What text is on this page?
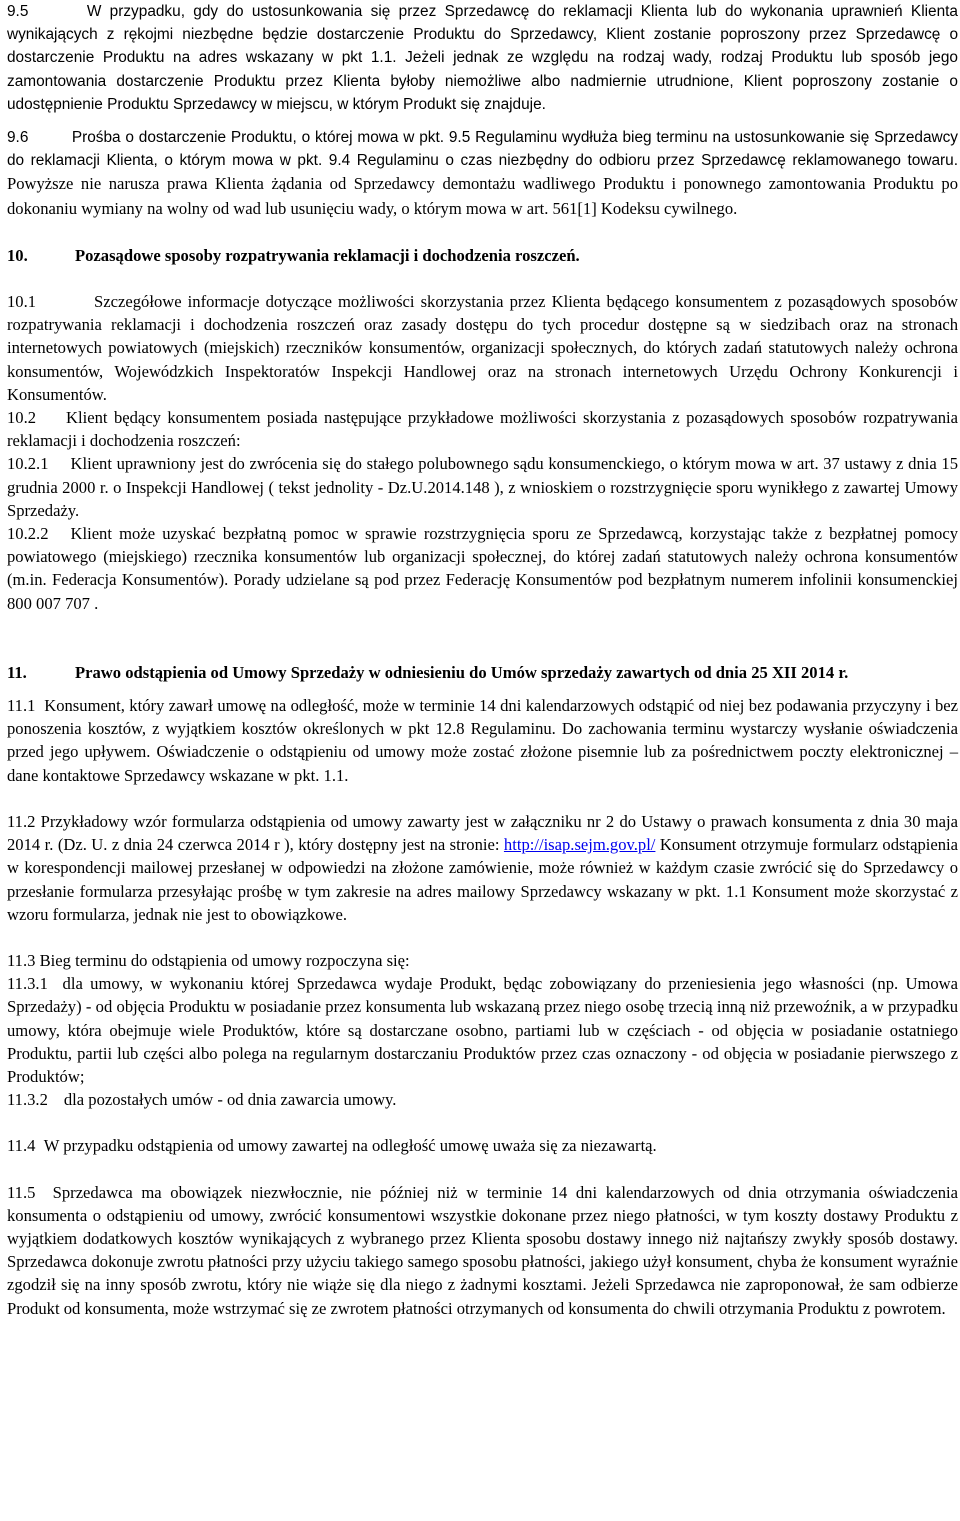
9.5	W przypadku, gdy do ustosunkowania się przez Sprzedawcę do reklamacji Klienta lub do wykonania uprawnień Klienta wynikających z rękojmi niezbędne będzie dostarczenie Produktu do Sprzedawcy, Klient zostanie poproszony przez Sprzedawcę o dostarczenie Produktu na adres wskazany w pkt 1.1. Jeżeli jednak ze względu na rodzaj wady, rodzaj Produktu lub sposób jego zamontowania dostarczenie Produktu przez Klienta byłoby niemożliwe albo nadmiernie utrudnione, Klient poproszony zostanie o udostępnienie Produktu Sprzedawcy w miejscu, w którym Produkt się znajduje.

9.6	Prośba o dostarczenie Produktu, o której mowa w pkt. 9.5 Regulaminu wydłuża bieg terminu na ustosunkowanie się Sprzedawcy do reklamacji Klienta, o którym mowa w pkt. 9.4 Regulaminu o czas niezbędny do odbioru przez Sprzedawcę reklamowanego towaru. Powyższe nie narusza prawa Klienta żądania od Sprzedawcy demontażu wadliwego Produktu i ponownego zamontowania Produktu po dokonaniu wymiany na wolny od wad lub usunięciu wady, o którym mowa w art. 561[1] Kodeksu cywilnego.

10.	Pozasądowe sposoby rozpatrywania reklamacji i dochodzenia roszczeń.

10.1	Szczegółowe informacje dotyczące możliwości skorzystania przez Klienta będącego konsumentem z pozasądowych sposobów rozpatrywania reklamacji i dochodzenia roszczeń oraz zasady dostępu do tych procedur dostępne są w siedzibach oraz na stronach internetowych powiatowych (miejskich) rzeczników konsumentów, organizacji społecznych, do których zadań statutowych należy ochrona konsumentów, Wojewódzkich Inspektoratów Inspekcji Handlowej oraz na stronach internetowych Urzędu Ochrony Konkurencji i Konsumentów.

10.2 Klient będący konsumentem posiada następujące przykładowe możliwości skorzystania z pozasądowych sposobów rozpatrywania reklamacji i dochodzenia roszczeń:

10.2.1 Klient uprawniony jest do zwrócenia się do stałego polubownego sądu konsumenckiego, o którym mowa w art. 37 ustawy z dnia 15 grudnia 2000 r. o Inspekcji Handlowej ( tekst jednolity - Dz.U.2014.148 ), z wnioskiem o rozstrzygnięcie sporu wynikłego z zawartej Umowy Sprzedaży.

10.2.2 Klient może uzyskać bezpłatną pomoc w sprawie rozstrzygnięcia sporu ze Sprzedawcą, korzystając także z bezpłatnej pomocy powiatowego (miejskiego) rzecznika konsumentów lub organizacji społecznej, do której zadań statutowych należy ochrona konsumentów (m.in. Federacja Konsumentów). Porady udzielane są pod przez Federację Konsumentów pod bezpłatnym numerem infolinii konsumenckiej 800 007 707 .

11.	Prawo odstąpienia od Umowy Sprzedaży w odniesieniu do Umów sprzedaży zawartych od dnia 25 XII 2014 r.

11.1 Konsument, który zawarł umowę na odległość, może w terminie 14 dni kalendarzowych odstąpić od niej bez podawania przyczyny i bez ponoszenia kosztów, z wyjątkiem kosztów określonych w pkt 12.8 Regulaminu. Do zachowania terminu wystarczy wysłanie oświadczenia przed jego upływem. Oświadczenie o odstąpieniu od umowy może zostać złożone pisemnie lub za pośrednictwem poczty elektronicznej – dane kontaktowe Sprzedawcy wskazane w pkt. 1.1.

11.2 Przykładowy wzór formularza odstąpienia od umowy zawarty jest w załączniku nr 2 do Ustawy o prawach konsumenta z dnia 30 maja 2014 r. (Dz. U. z dnia 24 czerwca 2014 r ), który dostępny jest na stronie: http://isap.sejm.gov.pl/ Konsument otrzymuje formularz odstąpienia w korespondencji mailowej przesłanej w odpowiedzi na złożone zamówienie, może również w każdym czasie zwrócić się do Sprzedawcy o przesłanie formularza przesyłając prośbę w tym zakresie na adres mailowy Sprzedawcy wskazany w pkt. 1.1 Konsument może skorzystać z wzoru formularza, jednak nie jest to obowiązkowe.

11.3 Bieg terminu do odstąpienia od umowy rozpoczyna się:

11.3.1 dla umowy, w wykonaniu której Sprzedawca wydaje Produkt, będąc zobowiązany do przeniesienia jego własności (np. Umowa Sprzedaży) - od objęcia Produktu w posiadanie przez konsumenta lub wskazaną przez niego osobę trzecią inną niż przewoźnik, a w przypadku umowy, która obejmuje wiele Produktów, które są dostarczane osobno, partiami lub w częściach - od objęcia w posiadanie ostatniego Produktu, partii lub części albo polega na regularnym dostarczaniu Produktów przez czas oznaczony - od objęcia w posiadanie pierwszego z Produktów;

11.3.2 dla pozostałych umów - od dnia zawarcia umowy.

11.4 W przypadku odstąpienia od umowy zawartej na odległość umowę uważa się za niezawartą.

11.5 Sprzedawca ma obowiązek niezwłocznie, nie później niż w terminie 14 dni kalendarzowych od dnia otrzymania oświadczenia konsumenta o odstąpieniu od umowy, zwrócić konsumentowi wszystkie dokonane przez niego płatności, w tym koszty dostawy Produktu z wyjątkiem dodatkowych kosztów wynikających z wybranego przez Klienta sposobu dostawy innego niż najtańszy zwykły sposób dostawy. Sprzedawca dokonuje zwrotu płatności przy użyciu takiego samego sposobu płatności, jakiego użył konsument, chyba że konsument wyraźnie zgodził się na inny sposób zwrotu, który nie wiąże się dla niego z żadnymi kosztami. Jeżeli Sprzedawca nie zaproponował, że sam odbierze Produkt od konsumenta, może wstrzymać się ze zwrotem płatności otrzymanych od konsumenta do chwili otrzymania Produktu z powrotem.
